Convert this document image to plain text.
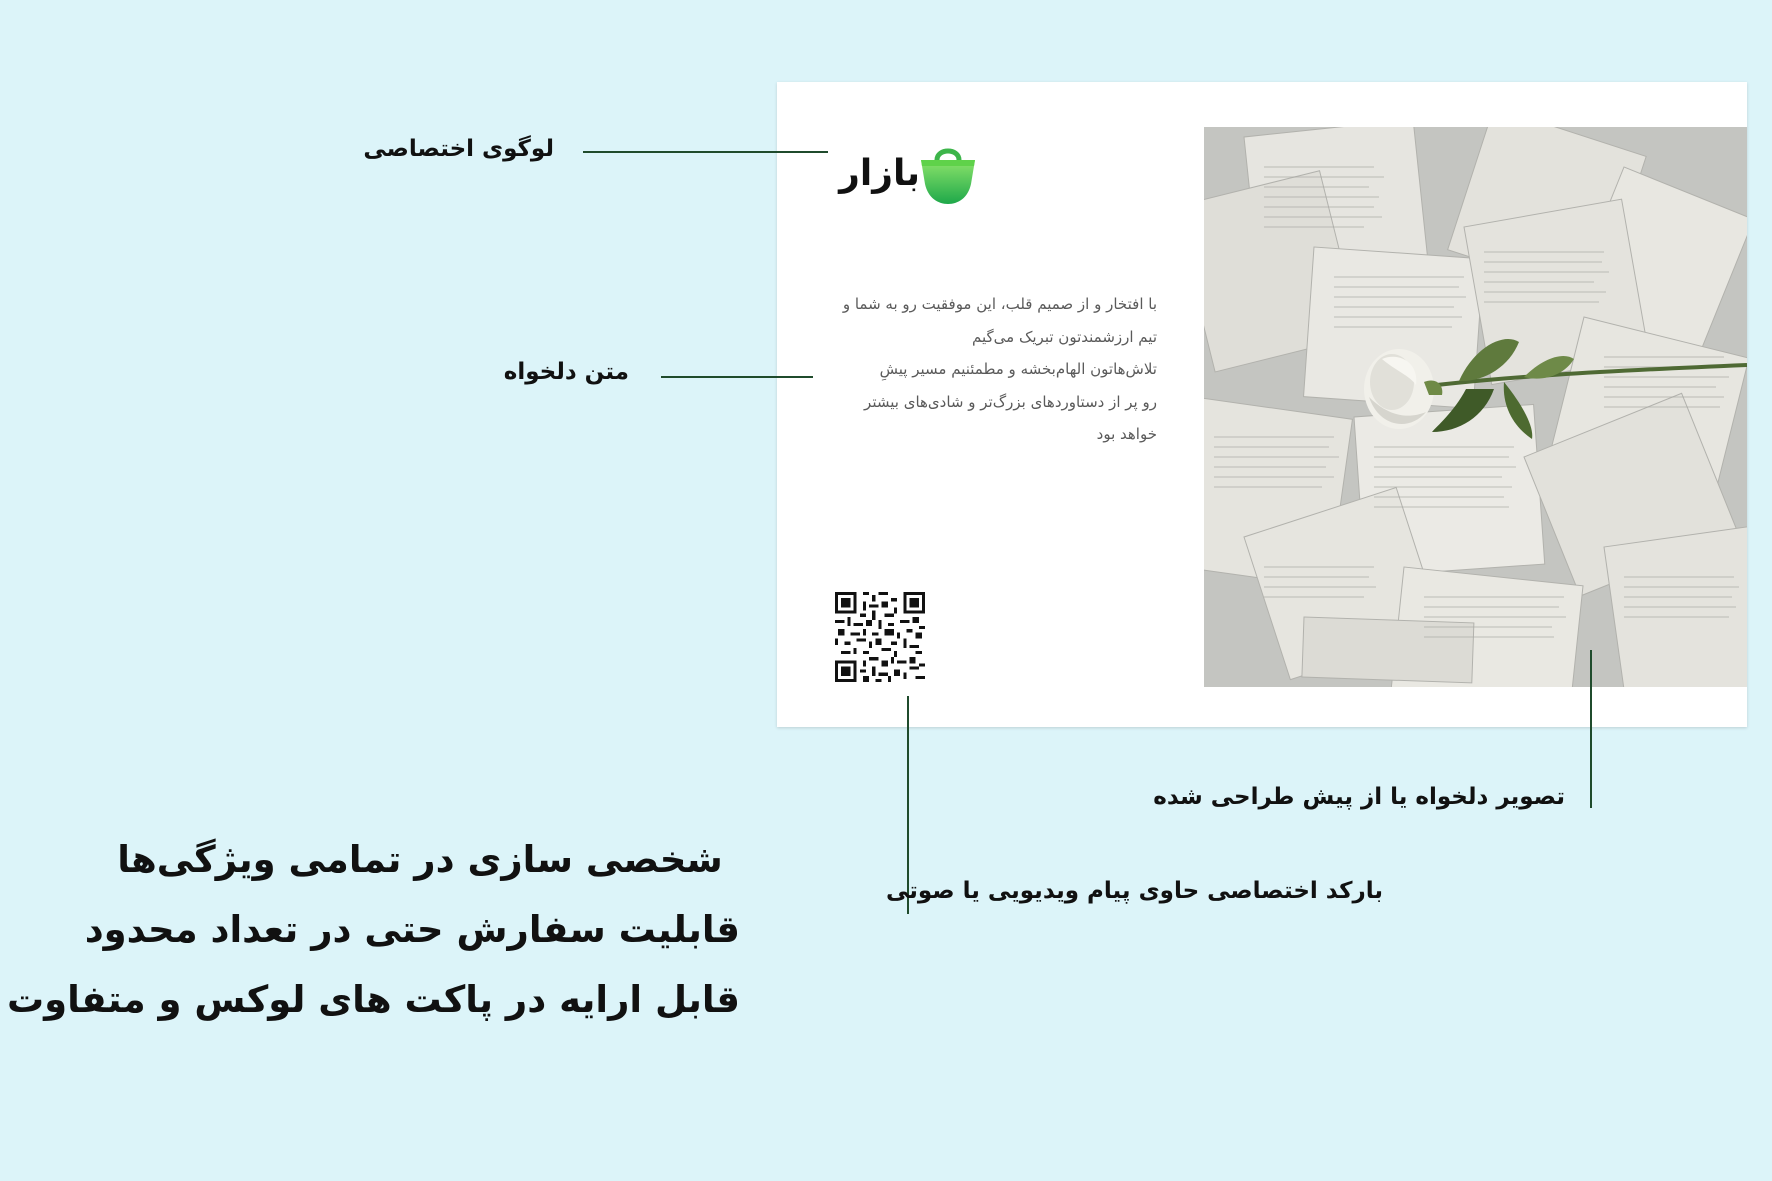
بازار
با افتخار و از صمیم قلب، این موفقیت رو به شما و
تیم ارزشمندتون تبریک می‌گیم
تلاش‌هاتون الهام‌بخشه و مطمئنیم مسیر پیشِ
رو پر از دستاوردهای بزرگ‌تر و شادی‌های بیشتر
خواهد بود
لوگوی اختصاصی
متن دلخواه
تصویر دلخواه یا از پیش طراحی شده
بارکد اختصاصی حاوی پیام ویدیویی یا صوتی
شخصی سازی در تمامی ویژگی‌ها
قابلیت سفارش حتی در تعداد محدود
قابل ارایه در پاکت های لوکس و متفاوت
